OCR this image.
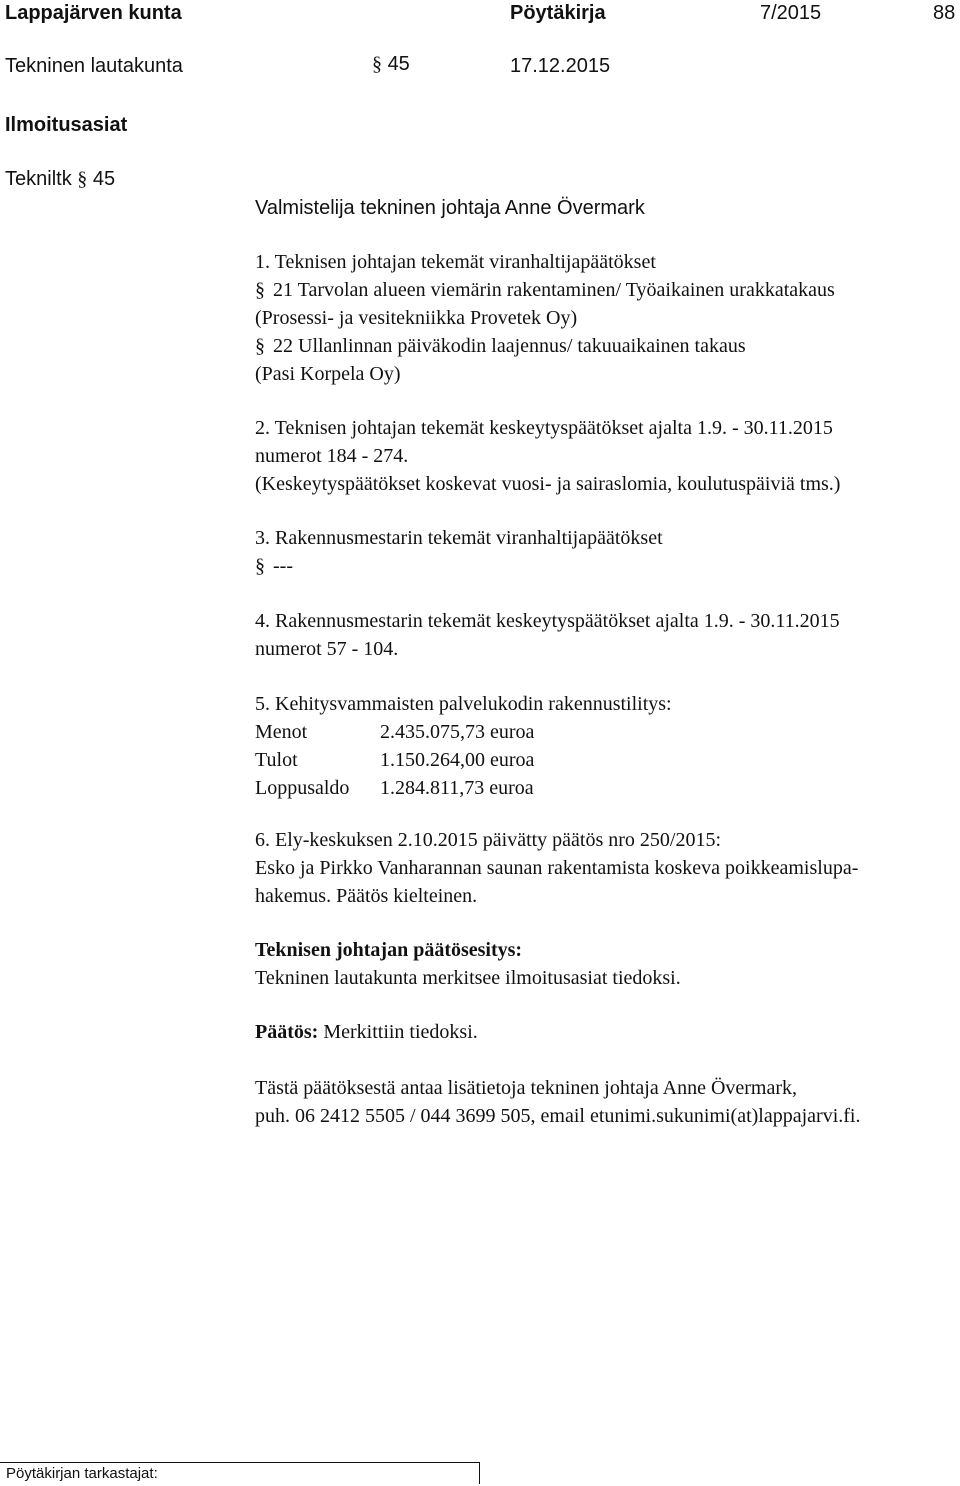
Lappajärven kunta	Pöytäkirja	7/2015	88
Tekninen lautakunta	§ 45	17.12.2015
Ilmoitusasiat
Tekniltk § 45
Valmistelija tekninen johtaja Anne Övermark
1. Teknisen johtajan tekemät viranhaltijapäätökset
§ 21 Tarvolan alueen viemärin rakentaminen/ Työaikainen urakkatakaus
(Prosessi- ja vesitekniikka Provetek Oy)
§ 22 Ullanlinnan päiväkodin laajennus/ takuuaikainen takaus
(Pasi Korpela Oy)
2. Teknisen johtajan tekemät keskeytyspäätökset ajalta 1.9. - 30.11.2015
numerot 184 - 274.
(Keskeytyspäätökset koskevat vuosi- ja sairaslomia, koulutuspäiviä tms.)
3. Rakennusmestarin tekemät viranhaltijapäätökset
§ ---
4. Rakennusmestarin tekemät keskeytyspäätökset ajalta 1.9. - 30.11.2015
numerot 57 - 104.
5. Kehitysvammaisten palvelukodin rakennustilitys:
Menot	2.435.075,73 euroa
Tulot	1.150.264,00 euroa
Loppusaldo	1.284.811,73 euroa
6. Ely-keskuksen 2.10.2015 päivätty päätös nro 250/2015:
Esko ja Pirkko Vanharannan saunan rakentamista koskeva poikkeamislupa-
hakemus. Päätös kielteinen.
Teknisen johtajan päätösesitys:
Tekninen lautakunta merkitsee ilmoitusasiat tiedoksi.
Päätös: Merkittiin tiedoksi.
Tästä päätöksestä antaa lisätietoja tekninen johtaja Anne Övermark,
puh. 06 2412 5505 / 044 3699 505, email etunimi.sukunimi(at)lappajarvi.fi.
Pöytäkirjan tarkastajat:
